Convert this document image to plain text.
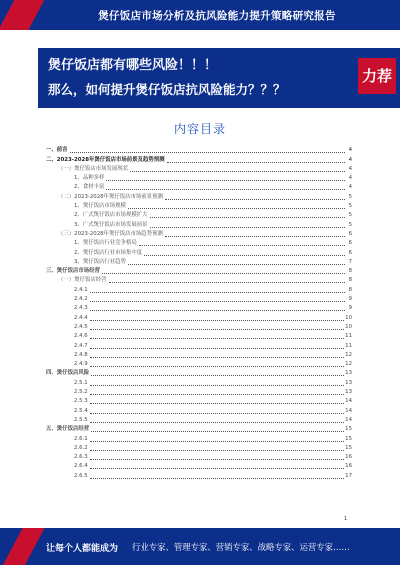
煲仔饭店市场分析及抗风险能力提升策略研究报告
煲仔饭店都有哪些风险！！！
那么，如何提升煲仔饭店抗风险能力？？？
力荐
内容目录
一、前言	4
二、2023-2028年煲仔饭店市场前景及趋势预测	4
（一）煲仔饭店市场发展现状	4
1、品种多样	4
2、食材丰富	4
（二）2023-2028年煲仔饭店市场前景预测	5
1、煲仔饭店市场规模	5
2、广式煲仔饭店市场规模扩大	5
3、广式煲仔饭店市场发展前景	5
（三）2023-2028年煲仔饭店市场趋势预测	6
1、煲仔饭店行业竞争格局	6
2、煲仔饭店行业市场集中度	6
3、煲仔饭店行业趋势	7
三、煲仔饭店市场经营	8
（一）煲仔饭店经营	8
2.4.1	8
2.4.2	9
2.4.3	9
2.4.4	10
2.4.5	10
2.4.6	11
2.4.7	11
2.4.8	12
2.4.9	12
四、煲仔饭店风险	13
2.5.1	13
2.5.2	13
2.5.3	14
2.5.4	14
2.5.5	14
五、煲仔饭店经营	15
2.6.1	15
2.6.2	15
2.6.3	16
2.6.4	16
2.6.5	17
1
让每个人都能成为 行业专家、管理专家、营销专家、战略专家、运营专家……
